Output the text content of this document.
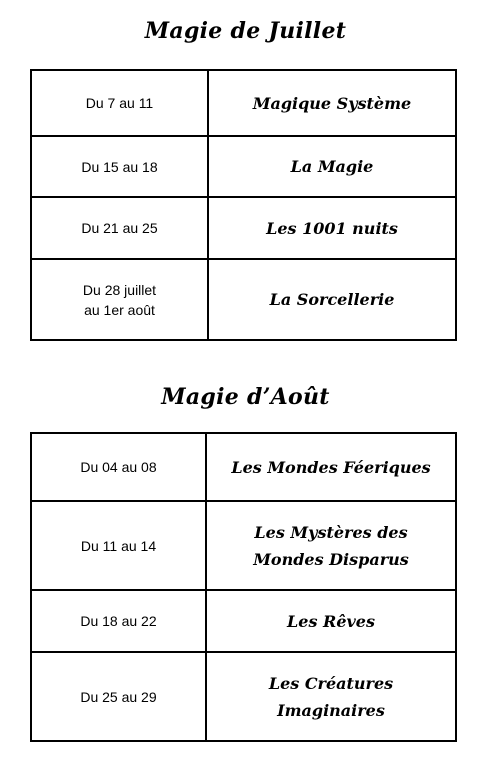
Magie de Juillet
Du 7 au 11	Magique Système
Du 15 au 18	La Magie
Du 21 au 25	Les 1001 nuits
Du 28 juillet
au 1er août	La Sorcellerie
Magie d’Août
Du 04 au 08	Les Mondes Féeriques
Du 11 au 14	Les Mystères des
Mondes Disparus
Du 18 au 22	Les Rêves
Du 25 au 29	Les Créatures
Imaginaires
